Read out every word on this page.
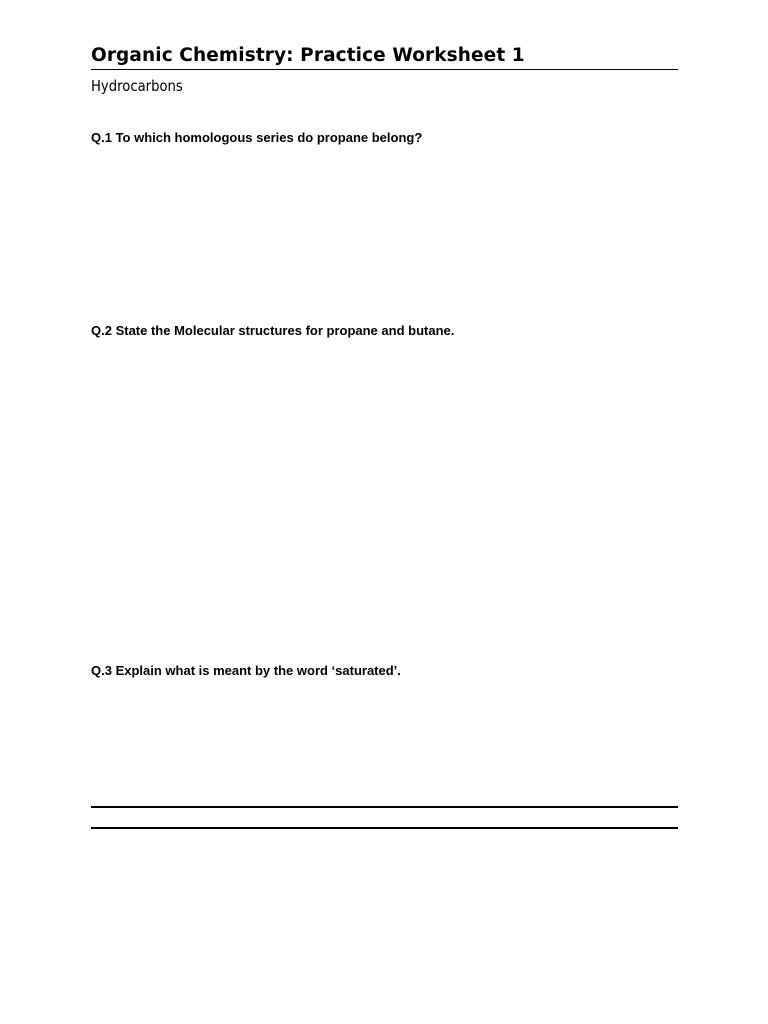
Organic Chemistry: Practice Worksheet 1
Hydrocarbons
Q.1 To which homologous series do propane belong?
Q.2 State the Molecular structures for propane and butane.
Q.3 Explain what is meant by the word ‘saturated’.
